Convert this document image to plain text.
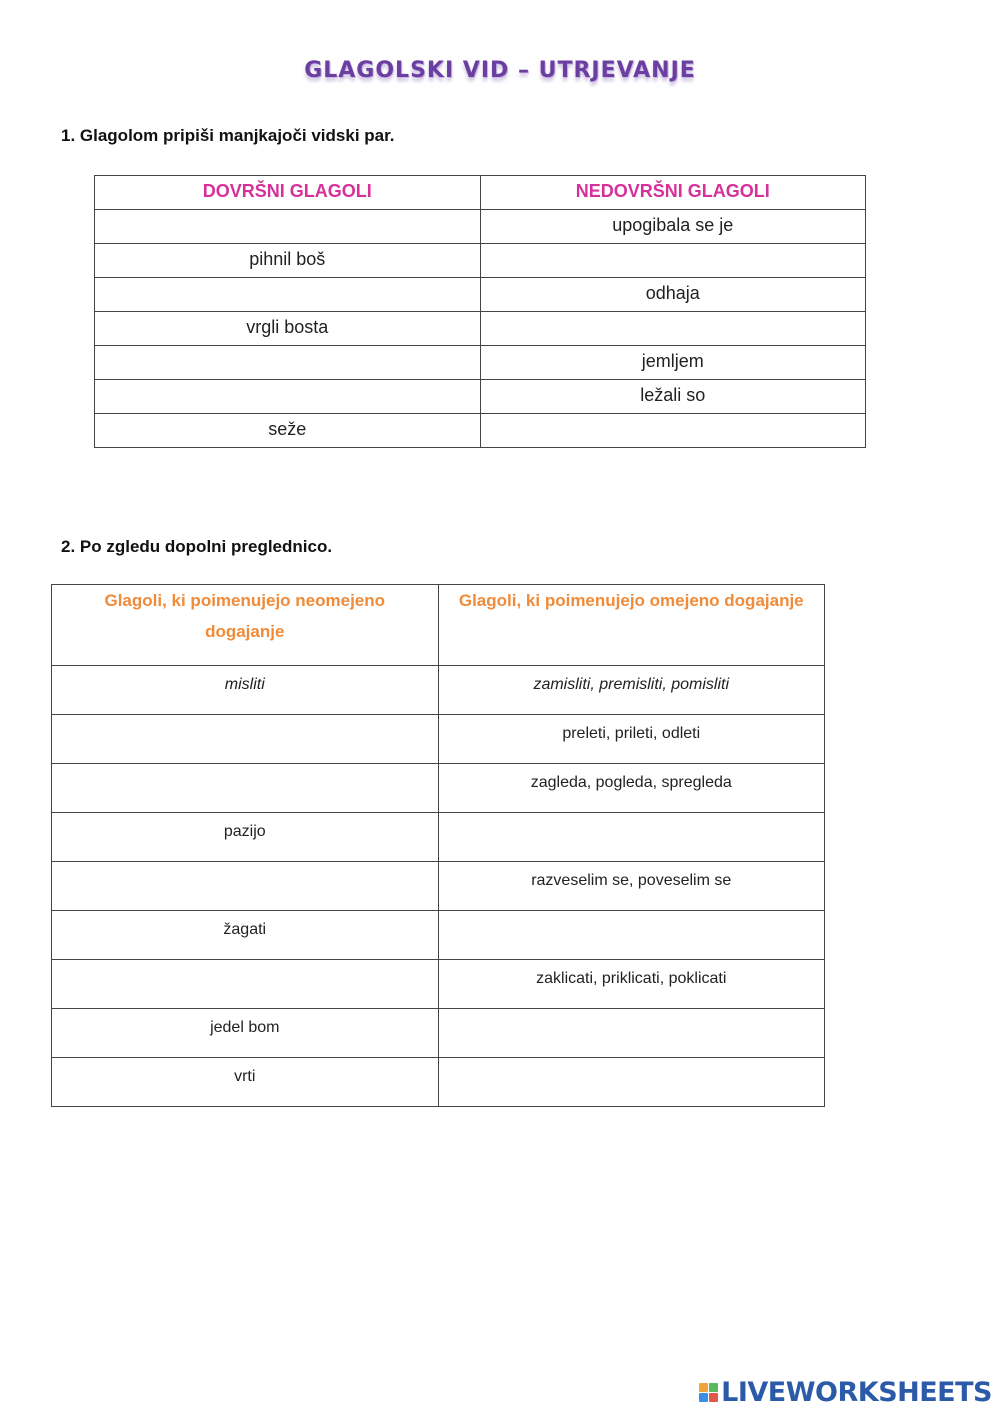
GLAGOLSKI VID – UTRJEVANJE
1. Glagolom pripiši manjkajoči vidski par.
DOVRŠNI GLAGOLI	NEDOVRŠNI GLAGOLI
	upogibala se je
pihnil boš	
	odhaja
vrgli bosta	
	jemljem
	ležali so
seže	
2. Po zgledu dopolni preglednico.
Glagoli, ki poimenujejo neomejeno dogajanje	Glagoli, ki poimenujejo omejeno dogajanje
misliti	zamisliti, premisliti, pomisliti
	preleti, prileti, odleti
	zagleda, pogleda, spregleda
pazijo	
	razveselim se, poveselim se
žagati	
	zaklicati, priklicati, poklicati
jedel bom	
vrti	
LIVEWORKSHEETS
